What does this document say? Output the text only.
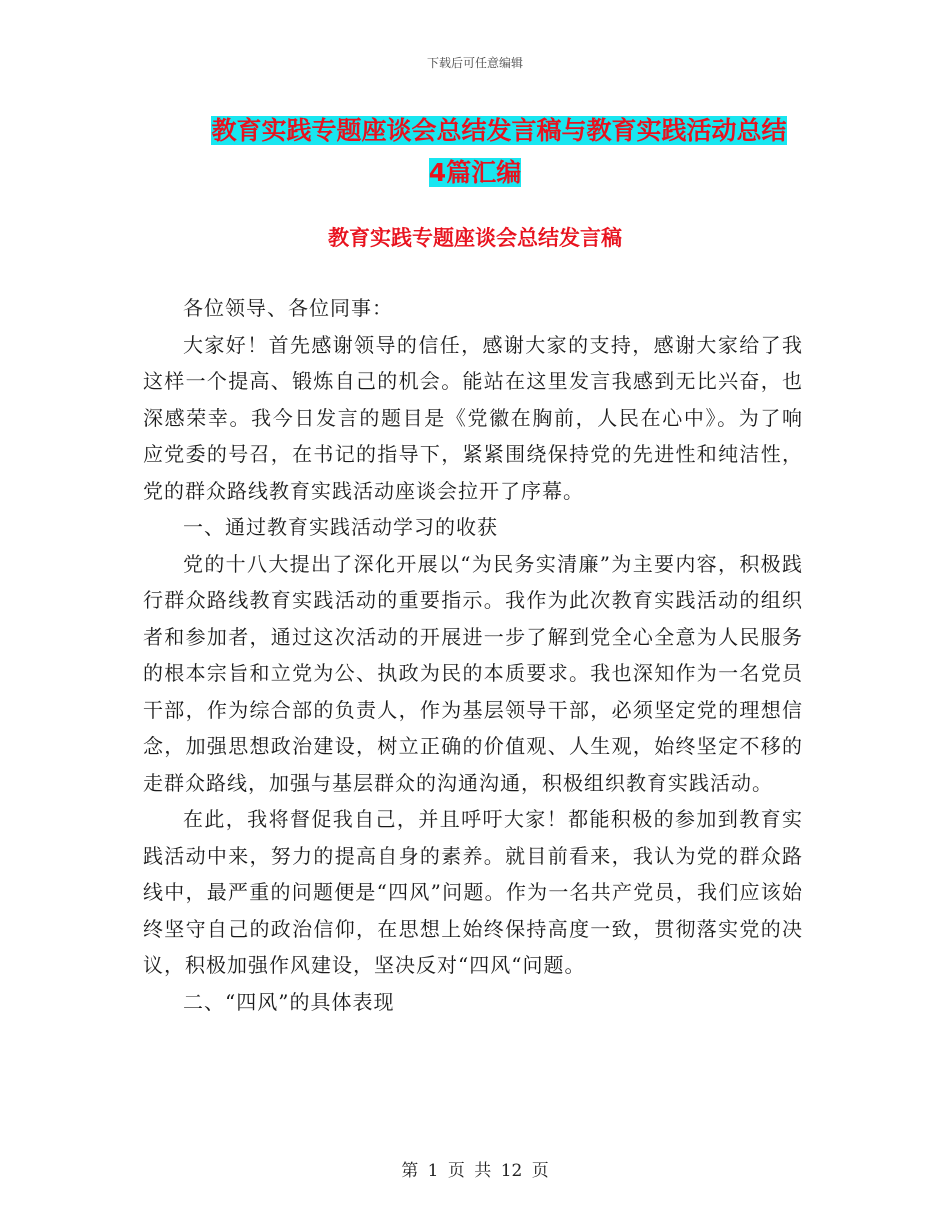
下载后可任意编辑
教育实践专题座谈会总结发言稿与教育实践活动总结
4篇汇编
教育实践专题座谈会总结发言稿

各位领导、各位同事：

大家好！首先感谢领导的信任，感谢大家的支持，感谢大家给了我这样一个提高、锻炼自己的机会。能站在这里发言我感到无比兴奋，也深感荣幸。我今日发言的题目是《党徽在胸前，人民在心中》。为了响应党委的号召，在书记的指导下，紧紧围绕保持党的先进性和纯洁性，党的群众路线教育实践活动座谈会拉开了序幕。

一、通过教育实践活动学习的收获

党的十八大提出了深化开展以“为民务实清廉”为主要内容，积极践行群众路线教育实践活动的重要指示。我作为此次教育实践活动的组织者和参加者，通过这次活动的开展进一步了解到党全心全意为人民服务的根本宗旨和立党为公、执政为民的本质要求。我也深知作为一名党员干部，作为综合部的负责人，作为基层领导干部，必须坚定党的理想信念，加强思想政治建设，树立正确的价值观、人生观，始终坚定不移的走群众路线，加强与基层群众的沟通沟通，积极组织教育实践活动。

在此，我将督促我自己，并且呼吁大家！都能积极的参加到教育实践活动中来，努力的提高自身的素养。就目前看来，我认为党的群众路线中，最严重的问题便是“四风”问题。作为一名共产党员，我们应该始终坚守自己的政治信仰，在思想上始终保持高度一致，贯彻落实党的决议，积极加强作风建设，坚决反对“四风“问题。

二、“四风”的具体表现

第 1 页 共 12 页
